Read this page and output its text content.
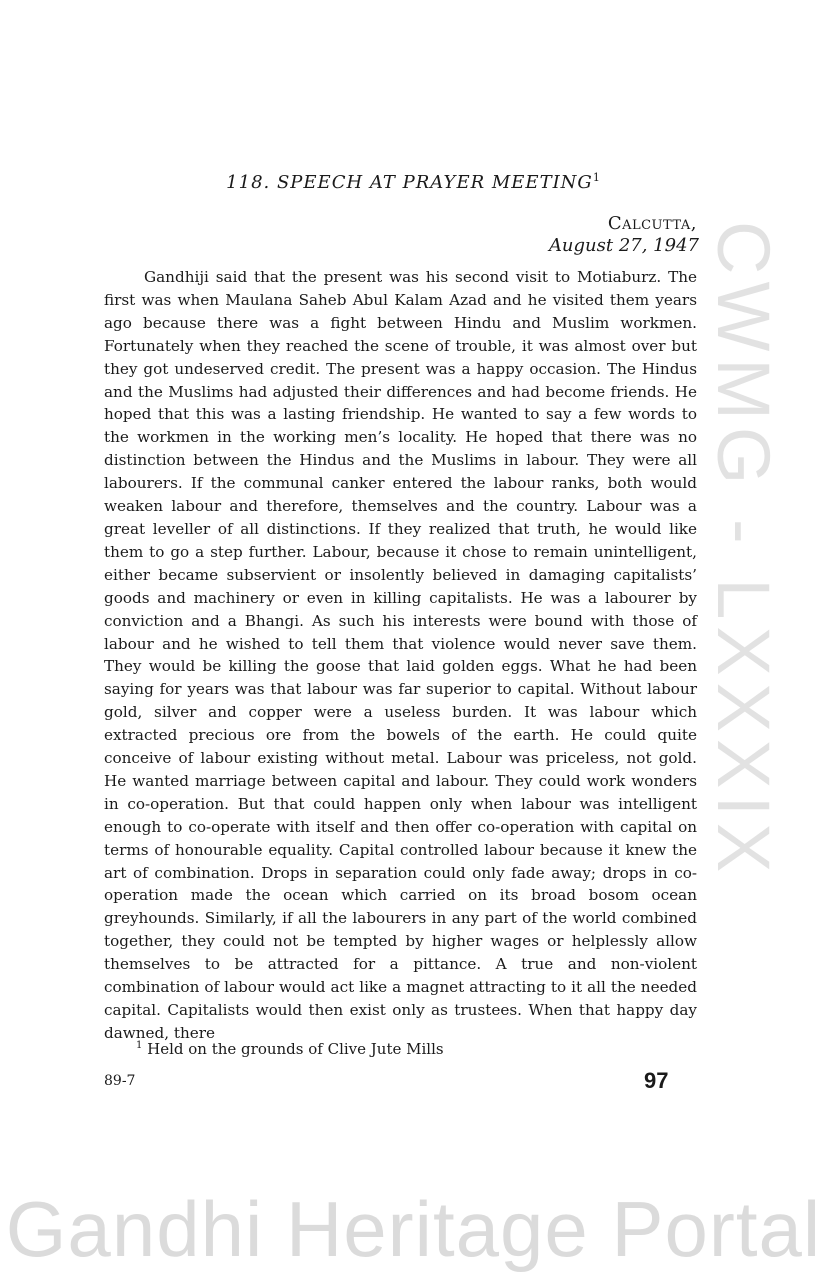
118. SPEECH AT PRAYER MEETING$^1$
Calcutta,
August 27, 1947

Gandhiji said that the present was his second visit to Motiaburz. The first was when Maulana Saheb Abul Kalam Azad and he visited them years ago because there was a fight between Hindu and Muslim workmen. Fortunately when they reached the scene of trouble, it was almost over but they got undeserved credit. The present was a happy occasion. The Hindus and the Muslims had adjusted their differences and had become friends. He hoped that this was a lasting friendship. He wanted to say a few words to the workmen in the working men’s locality. He hoped that there was no distinction between the Hindus and the Muslims in labour. They were all labourers. If the communal canker entered the labour ranks, both would weaken labour and therefore, themselves and the country. Labour was a great leveller of all distinctions. If they realized that truth, he would like them to go a step further. Labour, because it chose to remain unintelligent, either became subservient or insolently believed in damaging capitalists’ goods and machinery or even in killing capitalists. He was a labourer by conviction and a Bhangi. As such his interests were bound with those of labour and he wished to tell them that violence would never save them. They would be killing the goose that laid golden eggs. What he had been saying for years was that labour was far superior to capital. Without labour gold, silver and copper were a useless burden. It was labour which extracted precious ore from the bowels of the earth. He could quite conceive of labour existing without metal. Labour was priceless, not gold. He wanted marriage between capital and labour. They could work wonders in co-operation. But that could happen only when labour was intelligent enough to co-operate with itself and then offer co-operation with capital on terms of honourable equality. Capital controlled labour because it knew the art of combination. Drops in separation could only fade away; drops in co-operation made the ocean which carried on its broad bosom ocean greyhounds. Similarly, if all the labourers in any part of the world combined together, they could not be tempted by higher wages or helplessly allow themselves to be attracted for a pittance. A true and non-violent combination of labour would act like a magnet attracting to it all the needed capital. Capitalists would then exist only as trustees. When that happy day dawned, there

$^1$ Held on the grounds of Clive Jute Mills
89-7	97
CWMG - LXXXIX
Gandhi Heritage Portal
